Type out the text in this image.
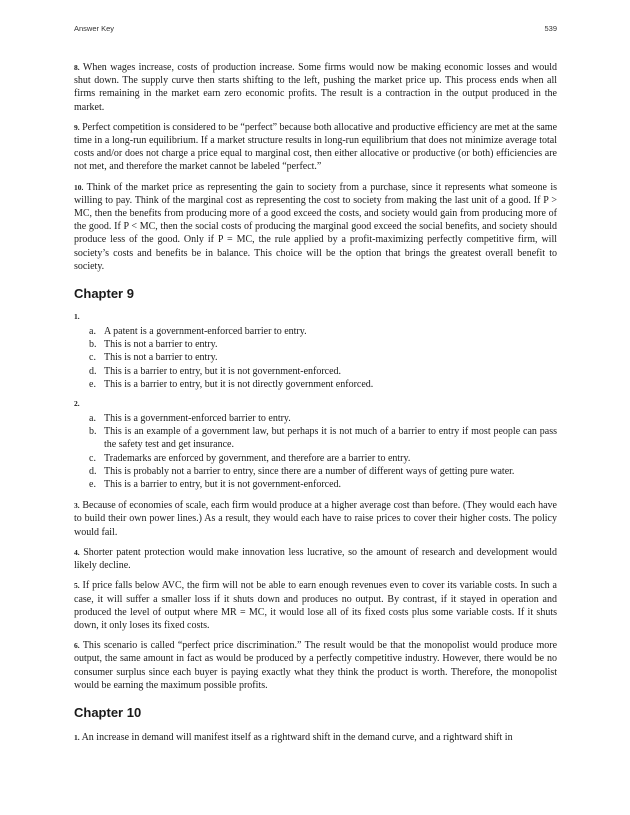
Answer Key	539

8. When wages increase, costs of production increase. Some firms would now be making economic losses and would shut down. The supply curve then starts shifting to the left, pushing the market price up. This process ends when all firms remaining in the market earn zero economic profits. The result is a contraction in the output produced in the market.

9. Perfect competition is considered to be “perfect” because both allocative and productive efficiency are met at the same time in a long-run equilibrium. If a market structure results in long-run equilibrium that does not minimize average total costs and/or does not charge a price equal to marginal cost, then either allocative or productive (or both) efficiencies are not met, and therefore the market cannot be labeled “perfect.”

10. Think of the market price as representing the gain to society from a purchase, since it represents what someone is willing to pay. Think of the marginal cost as representing the cost to society from making the last unit of a good. If P > MC, then the benefits from producing more of a good exceed the costs, and society would gain from producing more of the good. If P < MC, then the social costs of producing the marginal good exceed the social benefits, and society should produce less of the good. Only if P = MC, the rule applied by a profit-maximizing perfectly competitive firm, will society’s costs and benefits be in balance. This choice will be the option that brings the greatest overall benefit to society.

Chapter 9
1.
a. A patent is a government-enforced barrier to entry.
b. This is not a barrier to entry.
c. This is not a barrier to entry.
d. This is a barrier to entry, but it is not government-enforced.
e. This is a barrier to entry, but it is not directly government enforced.
2.
a. This is a government-enforced barrier to entry.
b. This is an example of a government law, but perhaps it is not much of a barrier to entry if most people can pass the safety test and get insurance.
c. Trademarks are enforced by government, and therefore are a barrier to entry.
d. This is probably not a barrier to entry, since there are a number of different ways of getting pure water.
e. This is a barrier to entry, but it is not government-enforced.

3. Because of economies of scale, each firm would produce at a higher average cost than before. (They would each have to build their own power lines.) As a result, they would each have to raise prices to cover their higher costs. The policy would fail.

4. Shorter patent protection would make innovation less lucrative, so the amount of research and development would likely decline.

5. If price falls below AVC, the firm will not be able to earn enough revenues even to cover its variable costs. In such a case, it will suffer a smaller loss if it shuts down and produces no output. By contrast, if it stayed in operation and produced the level of output where MR = MC, it would lose all of its fixed costs plus some variable costs. If it shuts down, it only loses its fixed costs.

6. This scenario is called “perfect price discrimination.” The result would be that the monopolist would produce more output, the same amount in fact as would be produced by a perfectly competitive industry. However, there would be no consumer surplus since each buyer is paying exactly what they think the product is worth. Therefore, the monopolist would be earning the maximum possible profits.

Chapter 10

1. An increase in demand will manifest itself as a rightward shift in the demand curve, and a rightward shift in
